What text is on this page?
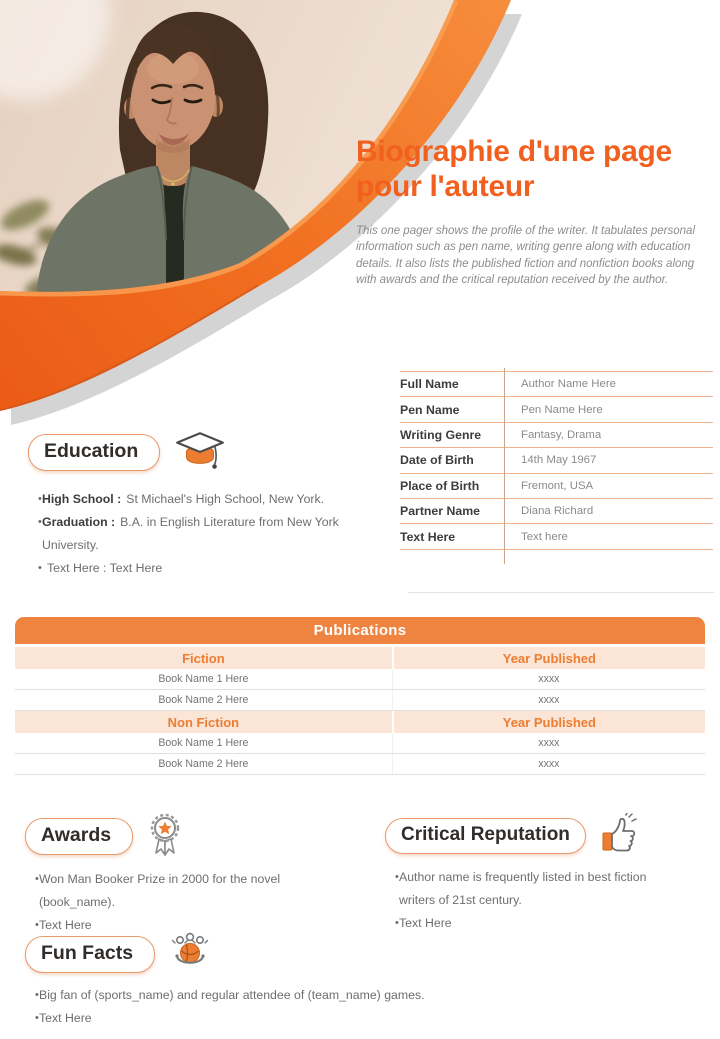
Biographie d'une page pour l'auteur

This one pager shows the profile of the writer. It tabulates personal information such as pen name, writing genre along with education details. It also lists the published fiction and nonfiction books along with awards and the critical reputation received by the author.

Full Name	Author Name Here
Pen Name	Pen Name Here
Writing Genre	Fantasy, Drama
Date of Birth	14th May 1967
Place of Birth	Fremont, USA
Partner Name	Diana Richard
Text Here	Text here
Education
• High School : St Michael's High School, New York.
• Graduation : B.A. in English Literature from New York University.
• Text Here : Text Here
Publications
Fiction	Year Published
Book Name 1 Here	xxxx
Book Name 2 Here	xxxx
Non Fiction	Year Published
Book Name 1 Here	xxxx
Book Name 2 Here	xxxx
Awards
• Won Man Booker Prize in 2000 for the novel (book_name).
• Text Here
Critical Reputation
• Author name is frequently listed in best fiction writers of 21st century.
• Text Here
Fun Facts
• Big fan of (sports_name) and regular attendee of (team_name) games.
• Text Here
